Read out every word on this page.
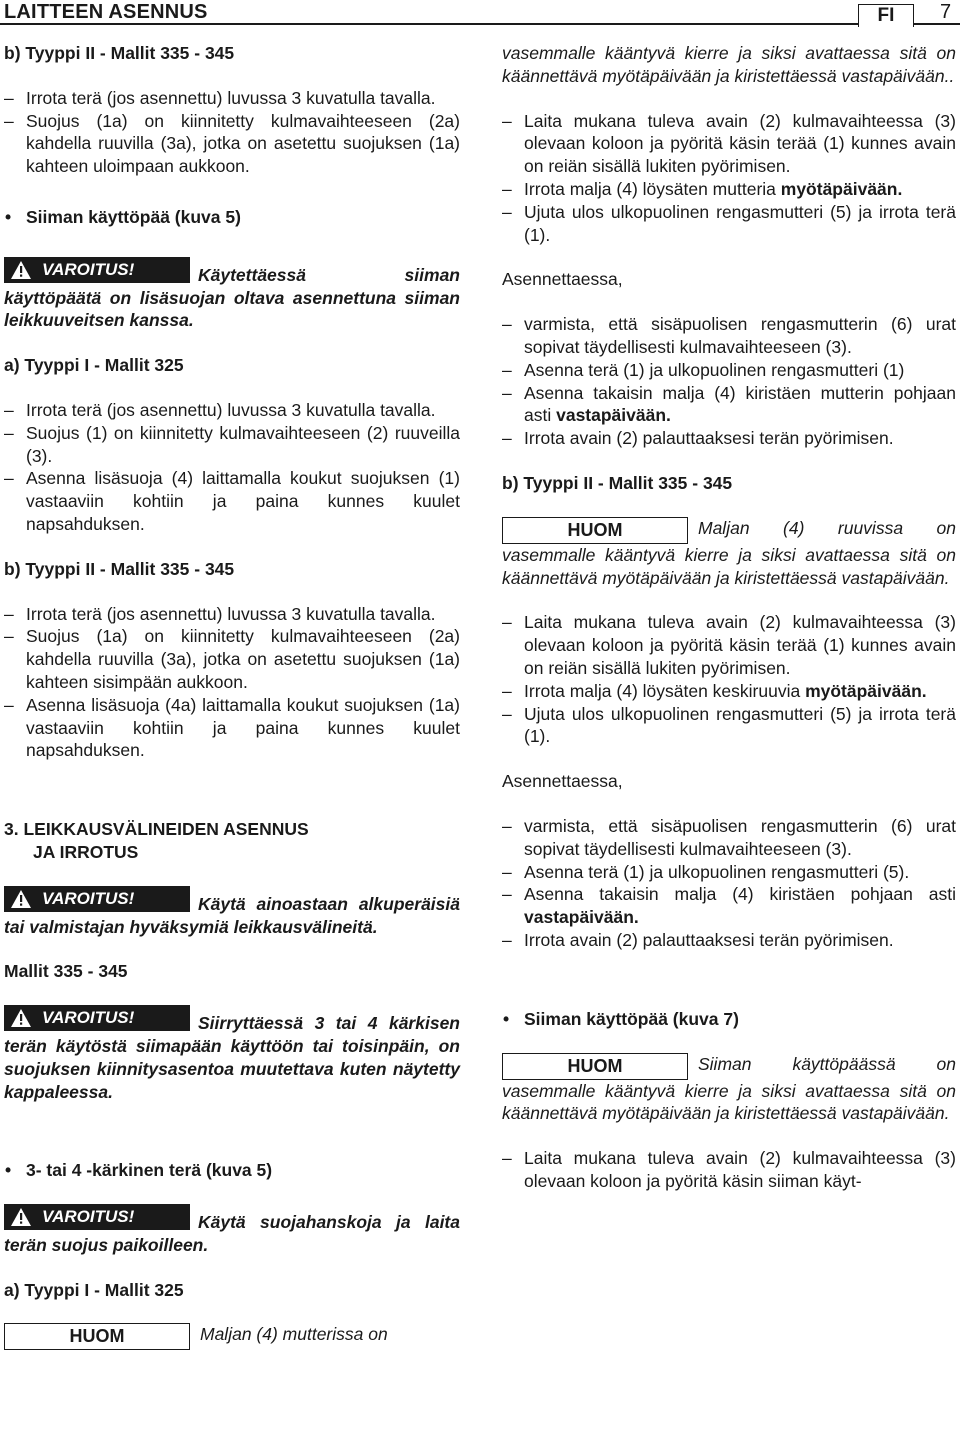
LAITTEEN ASENNUS	FI	7
b) Tyyppi II - Mallit 335 - 345
– Irrota terä (jos asennettu) luvussa 3 kuvatulla tavalla.
– Suojus (1a) on kiinnitetty kulmavaihteeseen (2a) kahdella ruuvilla (3a), jotka on asetettu suojuksen (1a) kahteen uloimpaan aukkoon.
• Siiman käyttöpää (kuva 5)
VAROITUS!	Käytettäessä siiman käyttöpäätä on lisäsuojan oltava asennettuna siiman leikkuuveitsen kanssa.
a) Tyyppi I - Mallit 325
– Irrota terä (jos asennettu) luvussa 3 kuvatulla tavalla.
– Suojus (1) on kiinnitetty kulmavaihteeseen (2) ruuveilla (3).
– Asenna lisäsuoja (4) laittamalla koukut suojuksen (1) vastaaviin kohtiin ja paina kunnes kuulet napsahduksen.
b) Tyyppi II - Mallit 335 - 345
– Irrota terä (jos asennettu) luvussa 3 kuvatulla tavalla.
– Suojus (1a) on kiinnitetty kulmavaihteeseen (2a) kahdella ruuvilla (3a), jotka on asetettu suojuksen (1a) kahteen sisimpään aukkoon.
– Asenna lisäsuoja (4a) laittamalla koukut suojuksen (1a) vastaaviin kohtiin ja paina kunnes kuulet napsahduksen.
3. LEIKKAUSVÄLINEIDEN ASENNUS
JA IRROTUS
VAROITUS!	Käytä ainoastaan alkuperäisiä tai valmistajan hyväksymiä leikkausvälineitä.
Mallit 335 - 345
VAROITUS!	Siirryttäessä 3 tai 4 kärkisen terän käytöstä siimapään käyttöön tai toisinpäin, on suojuksen kiinnitysasentoa muutettava kuten näytetty kappaleessa.
• 3- tai 4 -kärkinen terä (kuva 5)
VAROITUS!	Käytä suojahanskoja ja laita terän suojus paikoilleen.
a) Tyyppi I - Mallit 325
HUOM	Maljan (4) mutterissa on
vasemmalle kääntyvä kierre ja siksi avattaessa sitä on käännettävä myötäpäivään ja kiristettäessä vastapäivään..
– Laita mukana tuleva avain (2) kulmavaihteessa (3) olevaan koloon ja pyöritä käsin terää (1) kunnes avain on reiän sisällä lukiten pyörimisen.
– Irrota malja (4) löysäten mutteria myötäpäivään.
– Ujuta ulos ulkopuolinen rengasmutteri (5) ja irrota terä (1).
Asennettaessa,
– varmista, että sisäpuolisen rengasmutterin (6) urat sopivat täydellisesti kulmavaihteeseen (3).
– Asenna terä (1) ja ulkopuolinen rengasmutteri (1)
– Asenna takaisin malja (4) kiristäen mutterin pohjaan asti vastapäivään.
– Irrota avain (2) palauttaaksesi terän pyörimisen.
b) Tyyppi II - Mallit 335 - 345
HUOM	Maljan (4) ruuvissa on vasemmalle kääntyvä kierre ja siksi avattaessa sitä on käännettävä myötäpäivään ja kiristettäessä vastapäivään.
– Laita mukana tuleva avain (2) kulmavaihteessa (3) olevaan koloon ja pyöritä käsin terää (1) kunnes avain on reiän sisällä lukiten pyörimisen.
– Irrota malja (4) löysäten keskiruuvia myötäpäivään.
– Ujuta ulos ulkopuolinen rengasmutteri (5) ja irrota terä (1).
Asennettaessa,
– varmista, että sisäpuolisen rengasmutterin (6) urat sopivat täydellisesti kulmavaihteeseen (3).
– Asenna terä (1) ja ulkopuolinen rengasmutteri (5).
– Asenna takaisin malja (4) kiristäen pohjaan asti vastapäivään.
– Irrota avain (2) palauttaaksesi terän pyörimisen.
• Siiman käyttöpää (kuva 7)
HUOM	Siiman käyttöpäässä on vasemmalle kääntyvä kierre ja siksi avattaessa sitä on käännettävä myötäpäivään ja kiristettäessä vastapäivään.
– Laita mukana tuleva avain (2) kulmavaihteessa (3) olevaan koloon ja pyöritä käsin siiman käyt-
